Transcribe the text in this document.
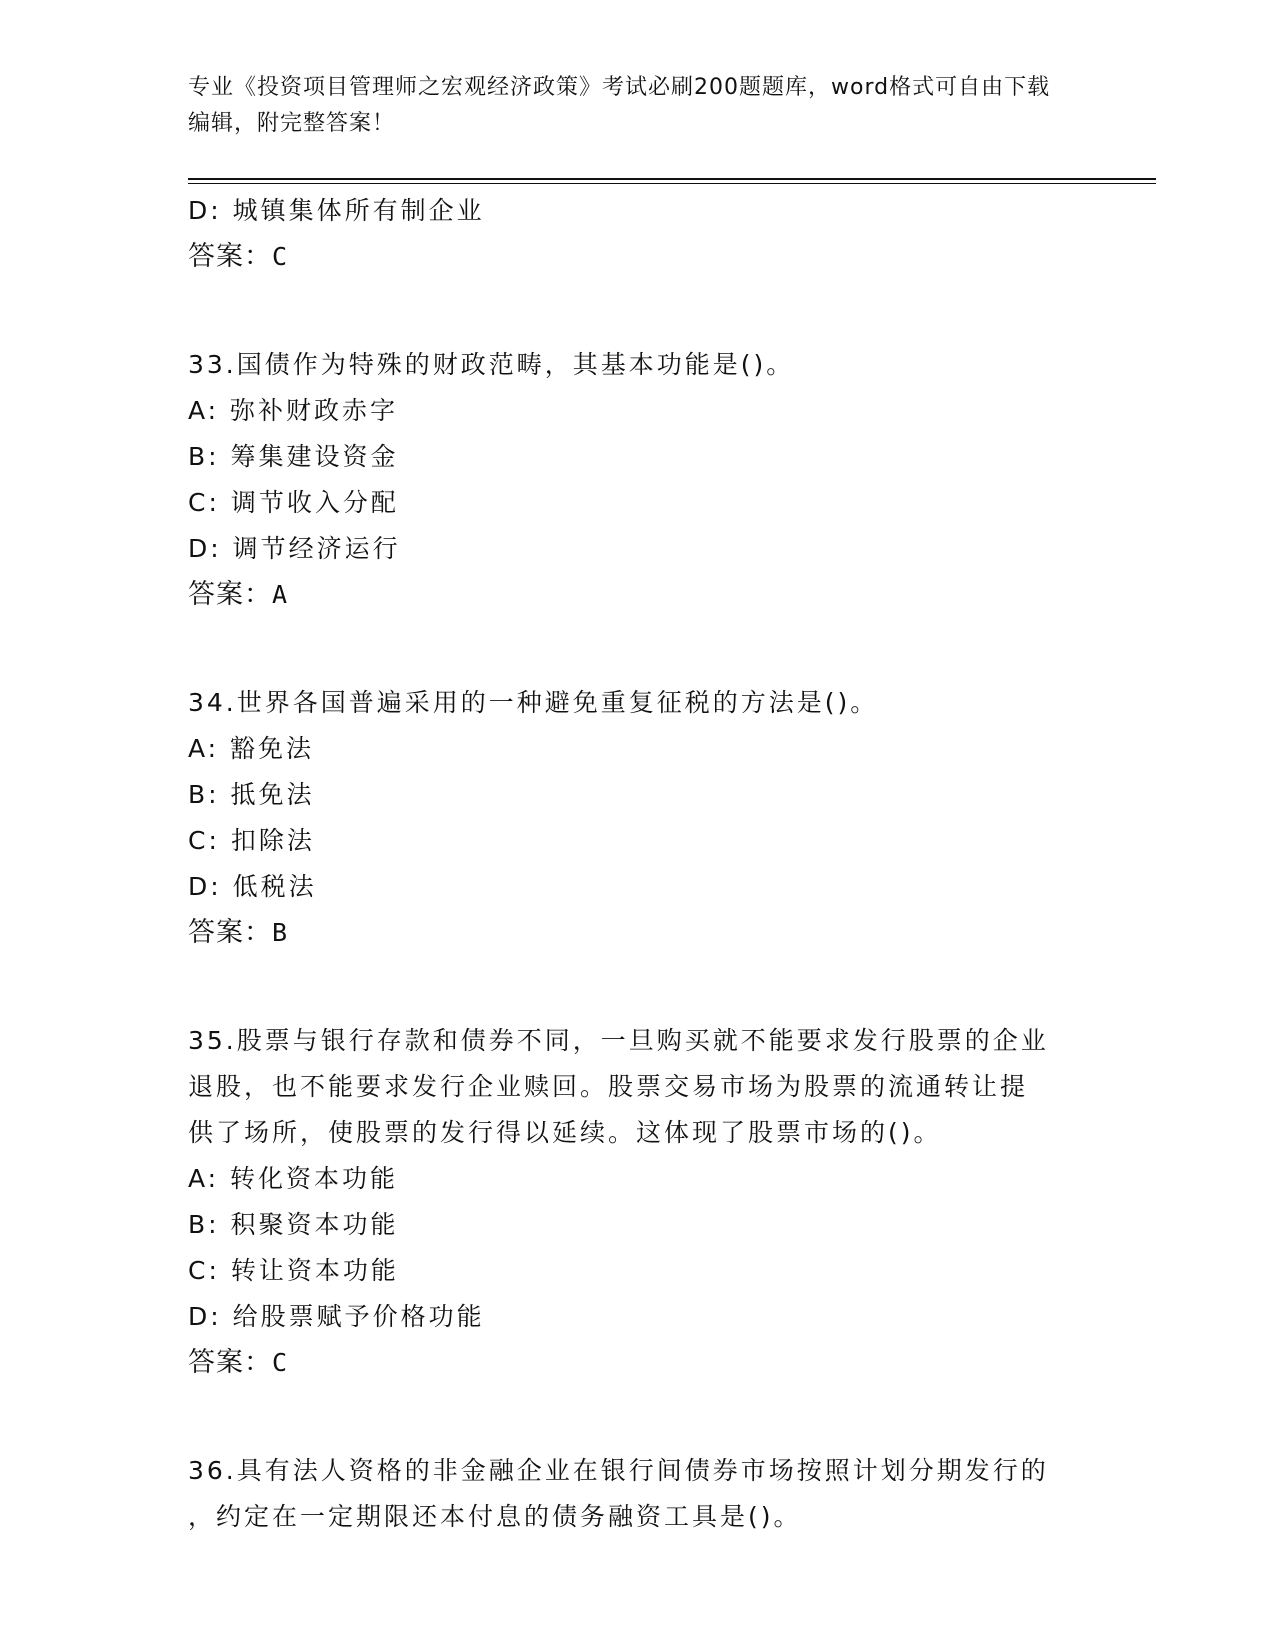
专业《投资项目管理师之宏观经济政策》考试必刷200题题库，word格式可自由下载编辑，附完整答案！
D: 城镇集体所有制企业
答案：C
33.国债作为特殊的财政范畴，其基本功能是()。
A: 弥补财政赤字
B: 筹集建设资金
C: 调节收入分配
D: 调节经济运行
答案：A
34.世界各国普遍采用的一种避免重复征税的方法是()。
A: 豁免法
B: 抵免法
C: 扣除法
D: 低税法
答案：B
35.股票与银行存款和债券不同，一旦购买就不能要求发行股票的企业
退股，也不能要求发行企业赎回。股票交易市场为股票的流通转让提
供了场所，使股票的发行得以延续。这体现了股票市场的()。
A: 转化资本功能
B: 积聚资本功能
C: 转让资本功能
D: 给股票赋予价格功能
答案：C
36.具有法人资格的非金融企业在银行间债券市场按照计划分期发行的
，约定在一定期限还本付息的债务融资工具是()。
